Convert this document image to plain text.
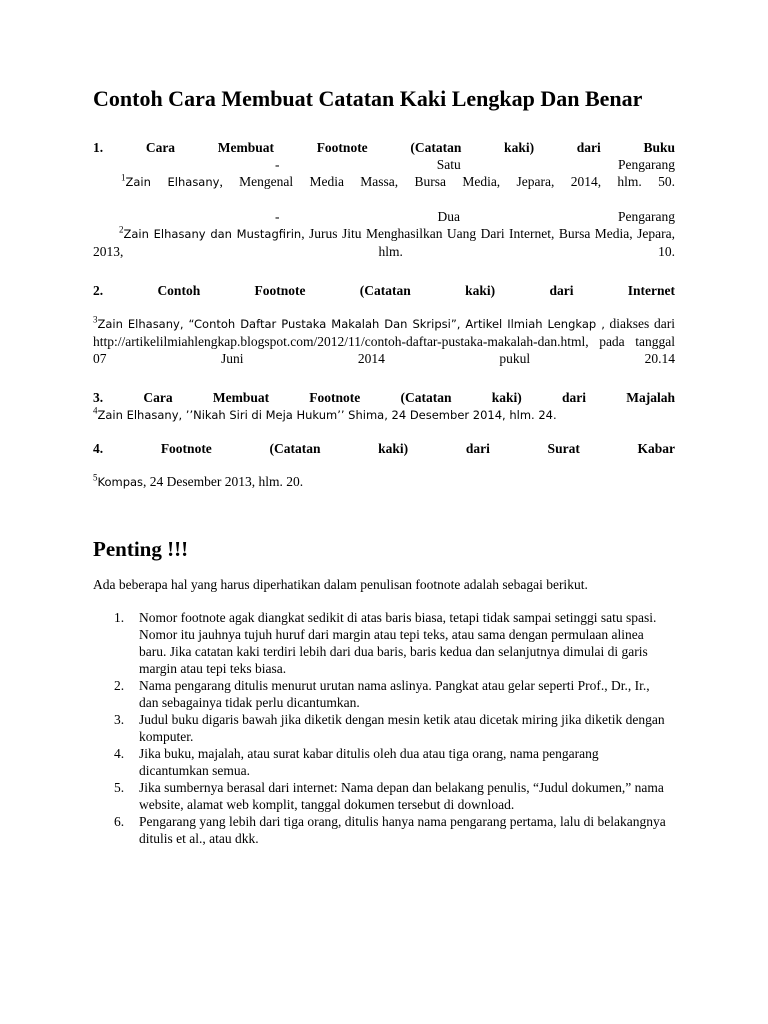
Contoh Cara Membuat Catatan Kaki Lengkap Dan Benar

1. Cara Membuat Footnote (Catatan kaki) dari Buku

- Satu Pengarang

$^1$Zain Elhasany, Mengenal Media Massa, Bursa Media, Jepara, 2014, hlm. 50.

- Dua Pengarang

$^2$Zain Elhasany dan Mustagfirin, Jurus Jitu Menghasilkan Uang Dari Internet, Bursa Media, Jepara, 2013, hlm. 10.

2. Contoh Footnote (Catatan kaki) dari Internet

$^3$Zain Elhasany, “Contoh Daftar Pustaka Makalah Dan Skripsi”, Artikel Ilmiah Lengkap , diakses dari http://artikelilmiahlengkap.blogspot.com/2012/11/contoh-daftar-pustaka-makalah-dan.html, pada tanggal 07 Juni 2014 pukul 20.14

3. Cara Membuat Footnote (Catatan kaki) dari Majalah

$^4$Zain Elhasany, ’’Nikah Siri di Meja Hukum’’ Shima, 24 Desember 2014, hlm. 24.

4. Footnote (Catatan kaki) dari Surat Kabar

$^5$Kompas, 24 Desember 2013, hlm. 20.

Penting !!!

Ada beberapa hal yang harus diperhatikan dalam penulisan footnote adalah sebagai berikut.

1. Nomor footnote agak diangkat sedikit di atas baris biasa, tetapi tidak sampai setinggi satu spasi. Nomor itu jauhnya tujuh huruf dari margin atau tepi teks, atau sama dengan permulaan alinea baru. Jika catatan kaki terdiri lebih dari dua baris, baris kedua dan selanjutnya dimulai di garis margin atau tepi teks biasa.
2. Nama pengarang ditulis menurut urutan nama aslinya. Pangkat atau gelar seperti Prof., Dr., Ir., dan sebagainya tidak perlu dicantumkan.
3. Judul buku digaris bawah jika diketik dengan mesin ketik atau dicetak miring jika diketik dengan komputer.
4. Jika buku, majalah, atau surat kabar ditulis oleh dua atau tiga orang, nama pengarang dicantumkan semua.
5. Jika sumbernya berasal dari internet: Nama depan dan belakang penulis, “Judul dokumen,” nama website, alamat web komplit, tanggal dokumen tersebut di download.
6. Pengarang yang lebih dari tiga orang, ditulis hanya nama pengarang pertama, lalu di belakangnya ditulis et al., atau dkk.
